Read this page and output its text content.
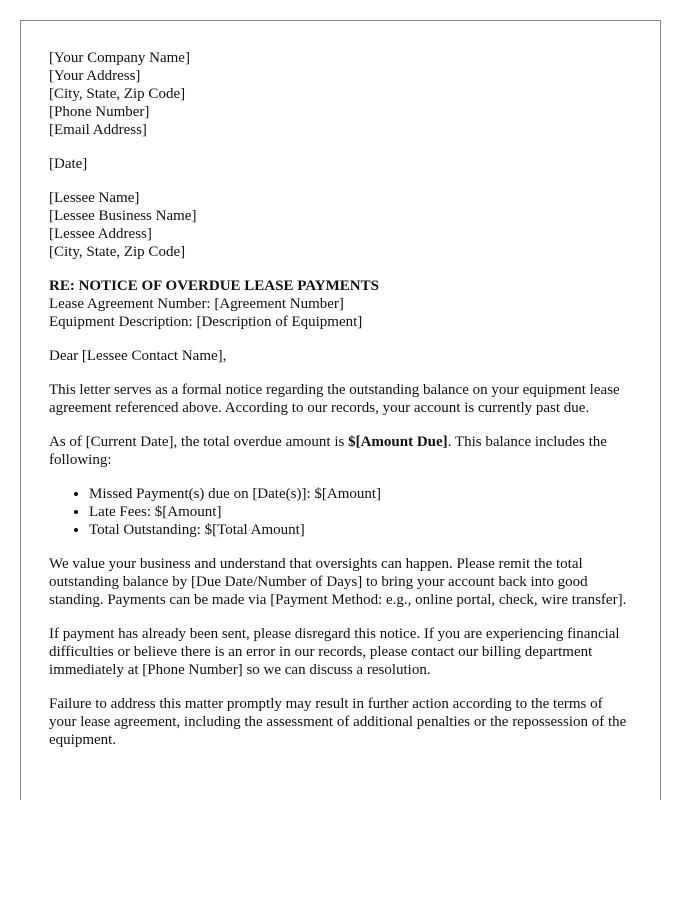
[Your Company Name]
[Your Address]
[City, State, Zip Code]
[Phone Number]
[Email Address]
[Date]
[Lessee Name]
[Lessee Business Name]
[Lessee Address]
[City, State, Zip Code]
RE: NOTICE OF OVERDUE LEASE PAYMENTS
Lease Agreement Number: [Agreement Number]
Equipment Description: [Description of Equipment]

Dear [Lessee Contact Name],

This letter serves as a formal notice regarding the outstanding balance on your equipment lease agreement referenced above. According to our records, your account is currently past due.

As of [Current Date], the total overdue amount is $[Amount Due]. This balance includes the following:

• Missed Payment(s) due on [Date(s)]: $[Amount]
• Late Fees: $[Amount]
• Total Outstanding: $[Total Amount]

We value your business and understand that oversights can happen. Please remit the total outstanding balance by [Due Date/Number of Days] to bring your account back into good standing. Payments can be made via [Payment Method: e.g., online portal, check, wire transfer].

If payment has already been sent, please disregard this notice. If you are experiencing financial difficulties or believe there is an error in our records, please contact our billing department immediately at [Phone Number] so we can discuss a resolution.

Failure to address this matter promptly may result in further action according to the terms of your lease agreement, including the assessment of additional penalties or the repossession of the equipment.
